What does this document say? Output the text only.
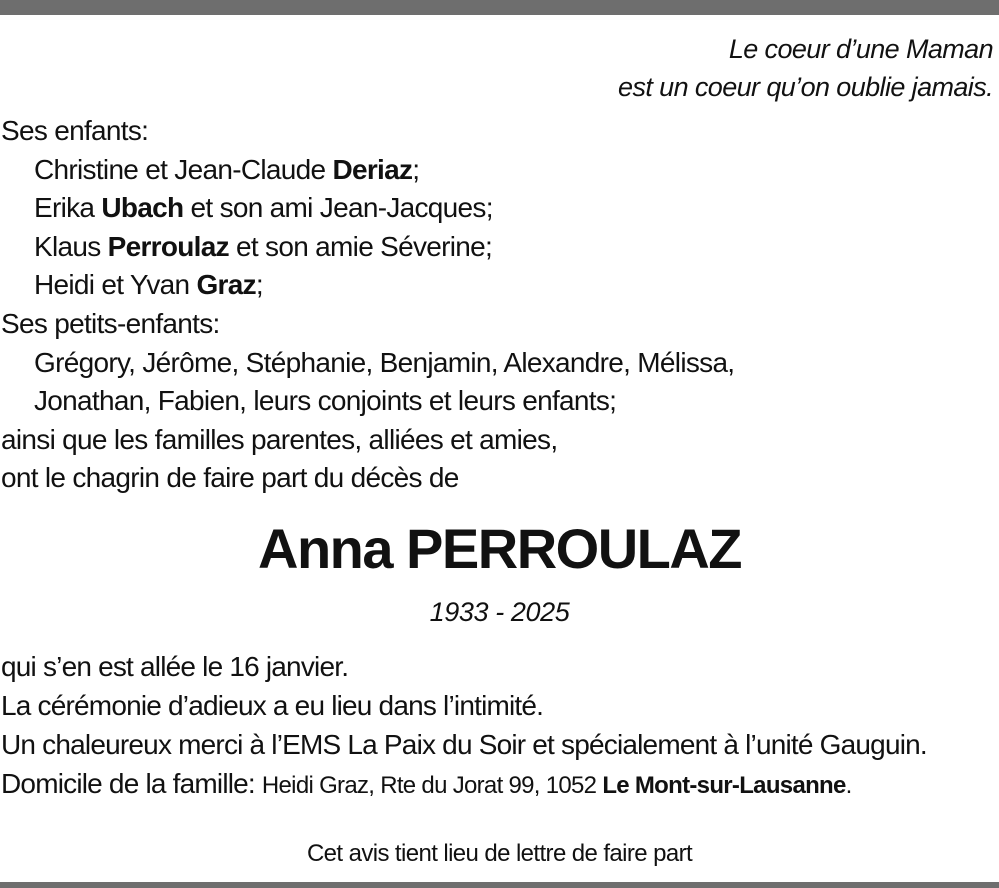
Le coeur d’une Maman
est un coeur qu’on oublie jamais.
Ses enfants:
Christine et Jean-Claude Deriaz;
Erika Ubach et son ami Jean-Jacques;
Klaus Perroulaz et son amie Séverine;
Heidi et Yvan Graz;
Ses petits-enfants:
Grégory, Jérôme, Stéphanie, Benjamin, Alexandre, Mélissa,
Jonathan, Fabien, leurs conjoints et leurs enfants;
ainsi que les familles parentes, alliées et amies,
ont le chagrin de faire part du décès de
Anna PERROULAZ
1933 - 2025
qui s’en est allée le 16 janvier.
La cérémonie d’adieux a eu lieu dans l’intimité.
Un chaleureux merci à l’EMS La Paix du Soir et spécialement à l’unité Gauguin.
Domicile de la famille: Heidi Graz, Rte du Jorat 99, 1052 Le Mont-sur-Lausanne.
Cet avis tient lieu de lettre de faire part
